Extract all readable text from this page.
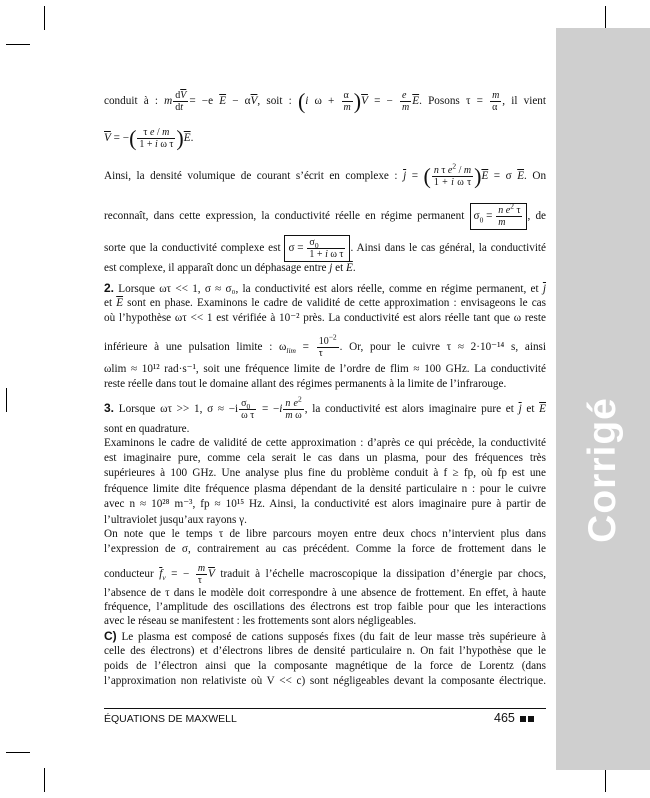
Corrigé
conduit à : m $\frac{d\overline{V}}{dt} = -e$ $\overline{E} - \alpha\overline{V}$, soit : (i $\omega + \frac{\alpha}{m} )\overline{V}$ = − $\frac{e}{m} \overline{E}$. Posons $\tau = \frac{m}{\alpha}$ , il vient
$\overline{V}$ = −( $\frac{\text{τ e / m}}{\text{1 + i ω τ}} )\overline{E}$.
Ainsi, la densité volumique de courant s’écrit en complexe : $\overline{j}$ = ( $\frac{n \tau e^2 / m}{\text{1 + i ω τ}} )\overline{E} = \sigma$ $\overline{E}$. On
reconnaît, dans cette expression, la conductivité réelle en régime permanent $\sigma_0 = \frac{n e^2 \tau}{m}$ , de
sorte que la conductivité complexe est $\sigma = \frac{\sigma_0}{\text{1 + i ω τ}}$ . Ainsi dans le cas général, la conductivité
est complexe, il apparaît donc un déphasage entre $\overline{j}$ et $\overline{E}$.
2. Lorsque ωτ << 1, σ ≈ σ₀, la conductivité est alors réelle, comme en régime permanent, et $\overline{j}$
et $\overline{E}$ sont en phase. Examinons le cadre de validité de cette approximation : envisageons le cas
où l’hypothèse ωτ << 1 est vérifiée à 10⁻² près. La conductivité est alors réelle tant que ω reste
inférieure à une pulsation limite : $\omega_{lim} = \frac{10^{-2}}{\tau}$ . Or, pour le cuivre τ ≈ 2·10⁻¹⁴ s, ainsi
ωlim ≈ 10¹² rad·s⁻¹, soit une fréquence limite de l’ordre de flim ≈ 100 GHz. La conductivité
reste réelle dans tout le domaine allant des régimes permanents à la limite de l’infrarouge.
3. Lorsque ωτ >> 1, $\sigma \approx -i \frac{\sigma_0}{\text{ω τ}} = -i \frac{n e^2}{\text{m ω}}$ , la conductivité est alors imaginaire pure et $\overline{j}$ et $\overline{E}$
sont en quadrature.
Examinons le cadre de validité de cette approximation : d’après ce qui précède, la conductivité
est imaginaire pure, comme cela serait le cas dans un plasma, pour des fréquences très
supérieures à 100 GHz. Une analyse plus fine du problème conduit à f ≥ fp, où fp est une
fréquence limite dite fréquence plasma dépendant de la densité particulaire n : pour le cuivre
avec n ≈ 10²⁸ m⁻³, fp ≈ 10¹⁵ Hz. Ainsi, la conductivité est alors imaginaire pure à partir de
l’ultraviolet jusqu’aux rayons γ.
On note que le temps τ de libre parcours moyen entre deux chocs n’intervient plus dans
l’expression de σ, contrairement au cas précédent. Comme la force de frottement dans le
conducteur $\overline{f}_v$ = − $\frac{m}{\tau} \overline{V}$ traduit à l’échelle macroscopique la dissipation d’énergie par chocs,
l’absence de τ dans le modèle doit correspondre à une absence de frottement. En effet, à haute
fréquence, l’amplitude des oscillations des électrons est trop faible pour que les interactions
avec le réseau se manifestent : les frottements sont alors négligeables.
C) Le plasma est composé de cations supposés fixes (du fait de leur masse très supérieure à
celle des électrons) et d’électrons libres de densité particulaire n. On fait l’hypothèse que le
poids de l’électron ainsi que la composante magnétique de la force de Lorentz (dans
l’approximation non relativiste où V << c) sont négligeables devant la composante électrique.
ÉQUATIONS DE MAXWELL	465
